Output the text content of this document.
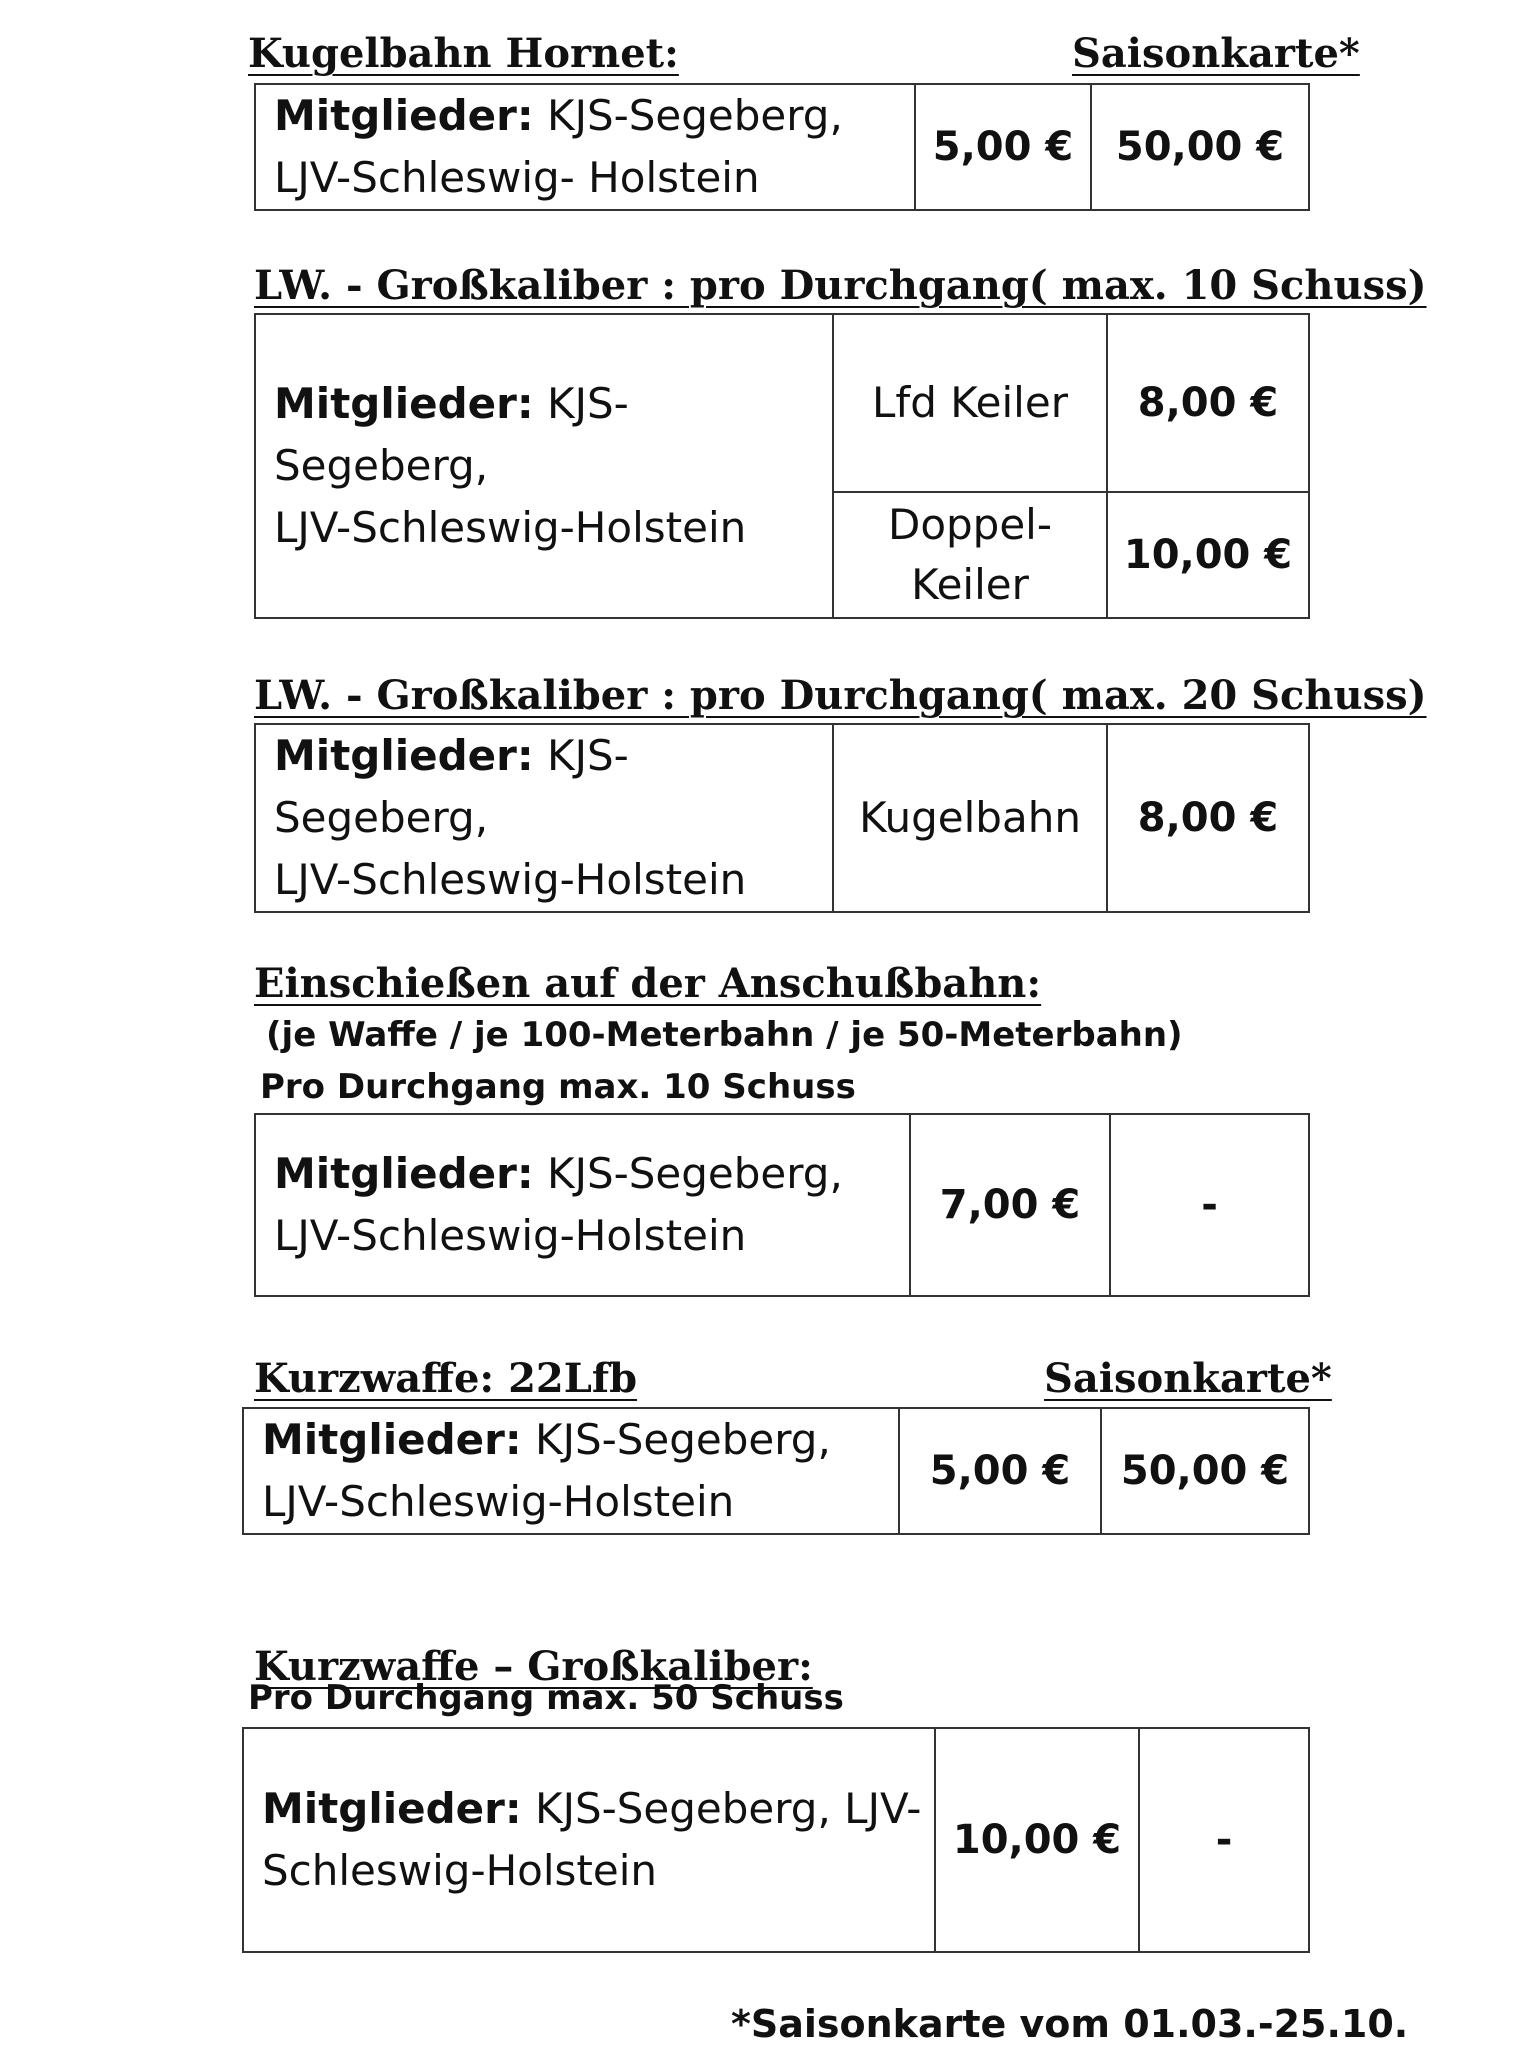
Kugelbahn Hornet:	Saisonkarte*
Mitglieder: KJS-Segeberg,
LJV-Schleswig- Holstein	5,00 €	50,00 €
LW. - Großkaliber : pro Durchgang( max. 10 Schuss)
Mitglieder: KJS-Segeberg,
LJV-Schleswig-Holstein	Lfd Keiler	8,00 €
	Doppel-
Keiler	10,00 €
LW. - Großkaliber : pro Durchgang( max. 20 Schuss)
Mitglieder: KJS-Segeberg,
LJV-Schleswig-Holstein	Kugelbahn	8,00 €
Einschießen auf der Anschußbahn:
(je Waffe / je 100-Meterbahn / je 50-Meterbahn)
Pro Durchgang max. 10 Schuss
Mitglieder: KJS-Segeberg,
LJV-Schleswig-Holstein	7,00 €	-
Kurzwaffe: 22Lfb	Saisonkarte*
Mitglieder: KJS-Segeberg,
LJV-Schleswig-Holstein	5,00 €	50,00 €
Kurzwaffe – Großkaliber:
Pro Durchgang max. 50 Schuss
Mitglieder: KJS-Segeberg, LJV-
Schleswig-Holstein	10,00 €	-
*Saisonkarte vom 01.03.-25.10.
